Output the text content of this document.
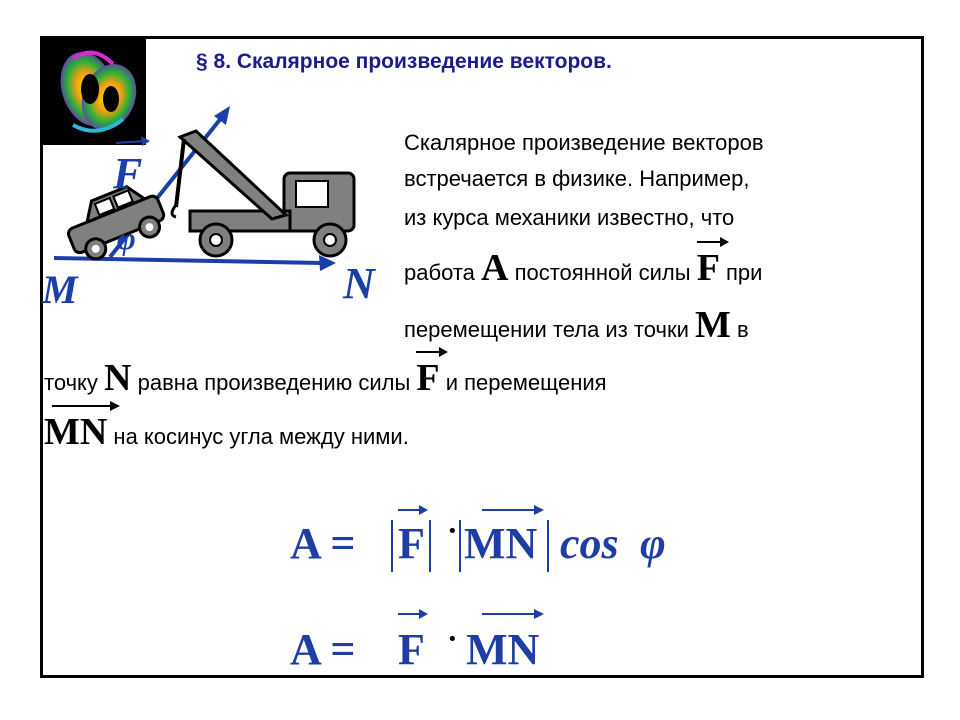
§ 8. Скалярное произведение векторов.
F
φ
M	N
Скалярное произведение векторов
встречается в физике. Например,
из курса механики известно, что
работа A постоянной силы
F при
перемещении тела из точки M в
точку N равна произведению силы
F и перемещения
MN на косинус угла между ними.
A = F · MN cos φ
A = F · MN
